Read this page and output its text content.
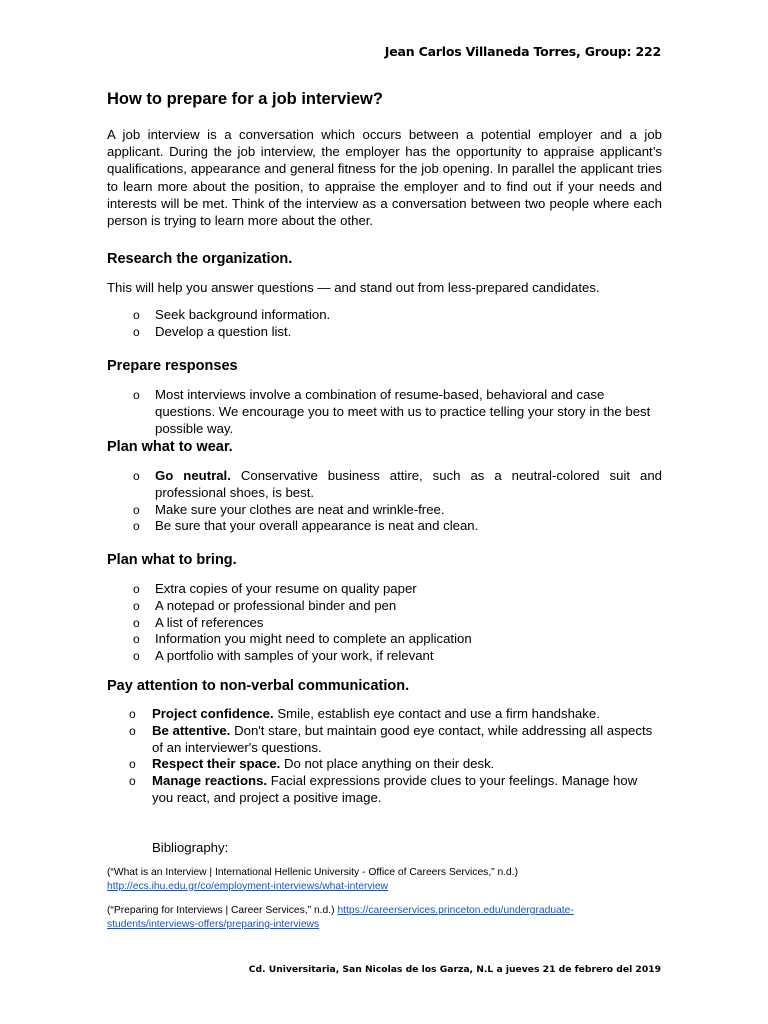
Jean Carlos Villaneda Torres, Group: 222
How to prepare for a job interview?

A job interview is a conversation which occurs between a potential employer and a job applicant. During the job interview, the employer has the opportunity to appraise applicant’s qualifications, appearance and general fitness for the job opening. In parallel the applicant tries to learn more about the position, to appraise the employer and to find out if your needs and interests will be met. Think of the interview as a conversation between two people where each person is trying to learn more about the other.

Research the organization.

This will help you answer questions — and stand out from less-prepared candidates.

o Seek background information.
o Develop a question list.
Prepare responses
o Most interviews involve a combination of resume-based, behavioral and case questions. We encourage you to meet with us to practice telling your story in the best possible way.
Plan what to wear.
o Go neutral. Conservative business attire, such as a neutral-colored suit and professional shoes, is best.
o Make sure your clothes are neat and wrinkle-free.
o Be sure that your overall appearance is neat and clean.
Plan what to bring.
o Extra copies of your resume on quality paper
o A notepad or professional binder and pen
o A list of references
o Information you might need to complete an application
o A portfolio with samples of your work, if relevant
Pay attention to non-verbal communication.
o Project confidence. Smile, establish eye contact and use a firm handshake.
o Be attentive. Don't stare, but maintain good eye contact, while addressing all aspects of an interviewer's questions.
o Respect their space. Do not place anything on their desk.
o Manage reactions. Facial expressions provide clues to your feelings. Manage how you react, and project a positive image.

Bibliography:

(“What is an Interview | International Hellenic University - Office of Careers Services,” n.d.)
http://ecs.ihu.edu.gr/co/employment-interviews/what-interview

(“Preparing for Interviews | Career Services,” n.d.) https://careerservices.princeton.edu/undergraduate-students/interviews-offers/preparing-interviews

Cd. Universitaria, San Nicolas de los Garza, N.L a jueves 21 de febrero del 2019
